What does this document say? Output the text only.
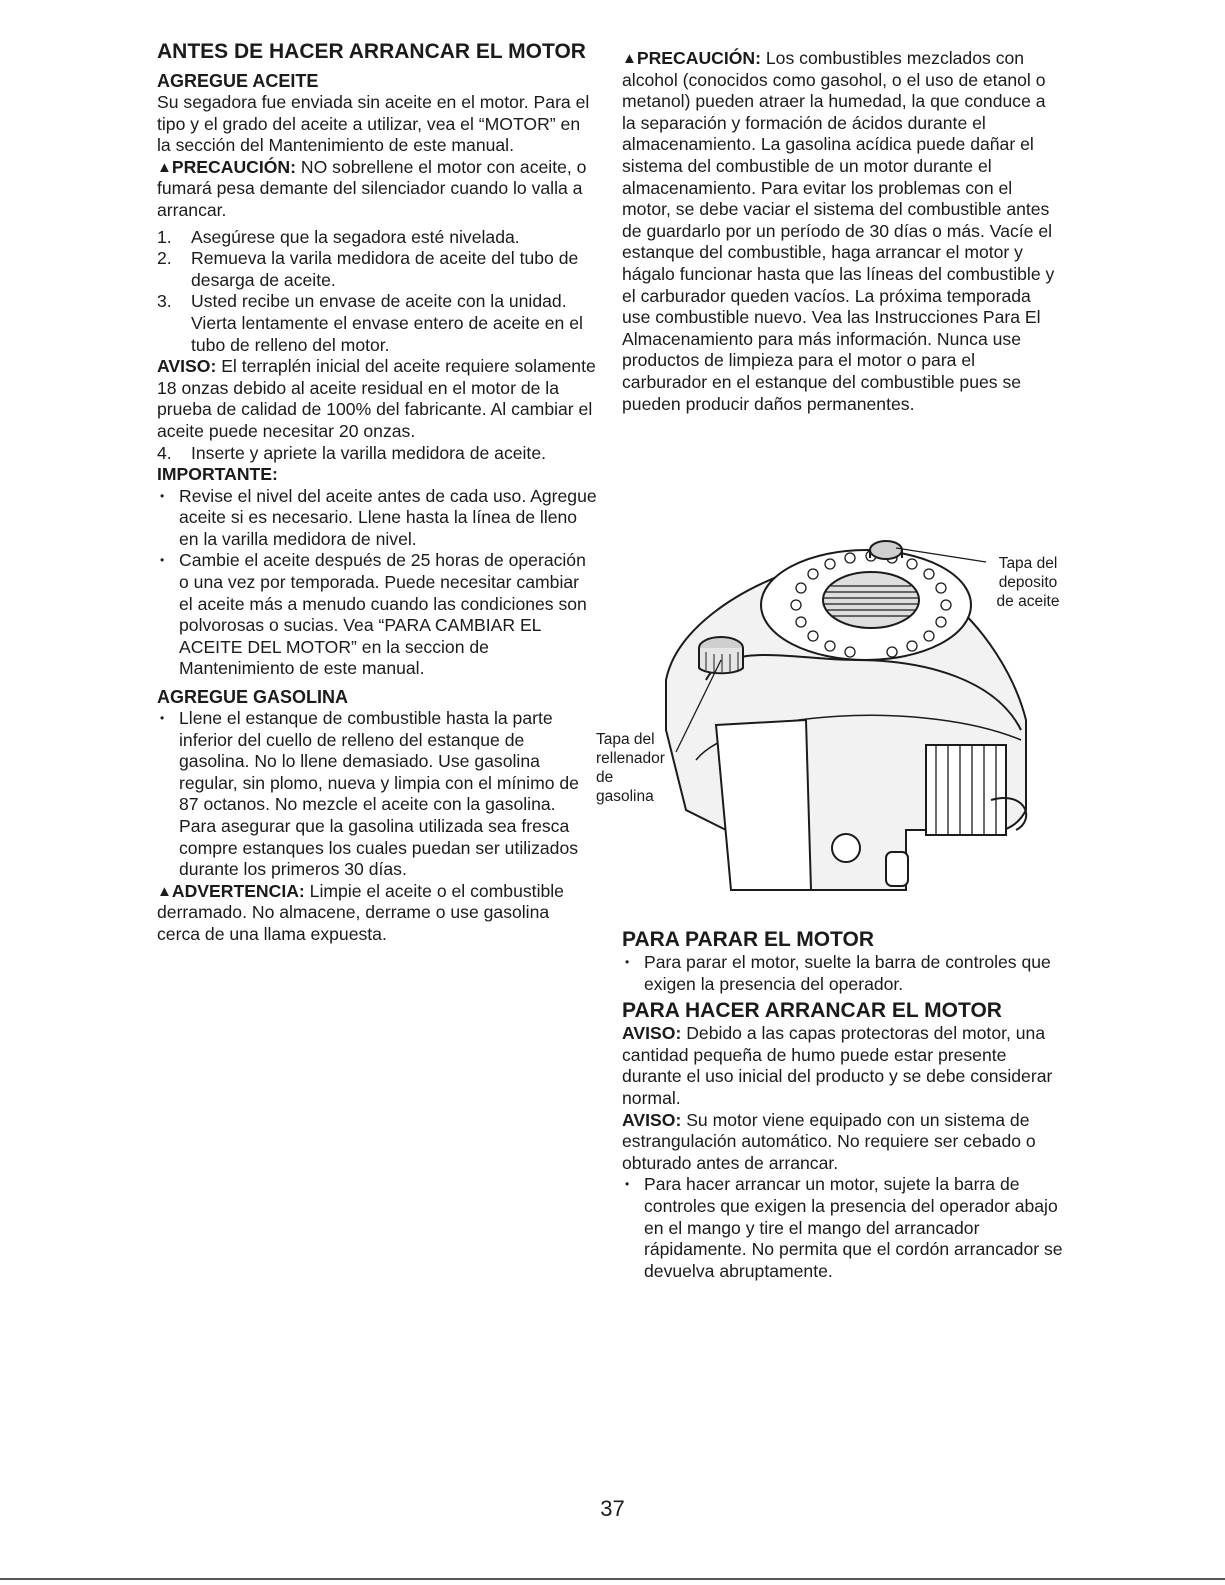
ANTES DE HACER ARRANCAR EL MOTOR

AGREGUE ACEITE

Su segadora fue enviada sin aceite en el motor. Para el tipo y el grado del aceite a utilizar, vea el “MOTOR” en la sección del Mantenimiento de este manual.

▲PRECAUCIÓN: NO sobrellene el motor con aceite, o fumará pesa demante del silenciador cuando lo valla a arrancar.

1. Asegúrese que la segadora esté nivelada.
2. Remueva la varila medidora de aceite del tubo de desarga de aceite.
3. Usted recibe un envase de aceite con la unidad. Vierta lentamente el envase entero de aceite en el tubo de relleno del motor.

AVISO: El terraplén inicial del aceite requiere solamente 18 onzas debido al aceite residual en el motor de la prueba de calidad de 100% del fabricante. Al cambiar el aceite puede necesitar 20 onzas.

4. Inserte y apriete la varilla medidora de aceite.

IMPORTANTE:

• Revise el nivel del aceite antes de cada uso. Agregue aceite si es necesario. Llene hasta la línea de lleno en la varilla medidora de nivel.
• Cambie el aceite después de 25 horas de operación o una vez por temporada. Puede necesitar cambiar el aceite más a menudo cuando las condiciones son polvorosas o sucias. Vea “PARA CAMBIAR EL ACEITE DEL MOTOR” en la seccion de Mantenimiento de este manual.

AGREGUE GASOLINA

• Llene el estanque de combustible hasta la parte inferior del cuello de relleno del estanque de gasolina. No lo llene demasiado. Use gasolina regular, sin plomo, nueva y limpia con el mínimo de 87 octanos. No mezcle el aceite con la gasolina. Para asegurar que la gasolina utilizada sea fresca compre estanques los cuales puedan ser utilizados durante los primeros 30 días.

▲ADVERTENCIA: Limpie el aceite o el combustible derramado. No almacene, derrame o use gasolina cerca de una llama expuesta.

▲PRECAUCIÓN: Los combustibles mezclados con alcohol (conocidos como gasohol, o el uso de etanol o metanol) pueden atraer la humedad, la que conduce a la separación y formación de ácidos durante el almacenamiento. La gasolina acídica puede dañar el sistema del combustible de un motor durante el almacenamiento. Para evitar los problemas con el motor, se debe vaciar el sistema del combustible antes de guardarlo por un período de 30 días o más. Vacíe el estanque del combustible, haga arrancar el motor y hágalo funcionar hasta que las líneas del combustible y el carburador queden vacíos. La próxima temporada use combustible nuevo. Vea las Instrucciones Para El Almacenamiento para más información. Nunca use productos de limpieza para el motor o para el carburador en el estanque del combustible pues se pueden producir daños permanentes.

Tapa del
deposito
de aceite
Tapa del
rellenador
de
gasolina

PARA PARAR EL MOTOR

• Para parar el motor, suelte la barra de controles que exigen la presencia del operador.

PARA HACER ARRANCAR EL MOTOR

AVISO: Debido a las capas protectoras del motor, una cantidad pequeña de humo puede estar presente durante el uso inicial del producto y se debe considerar normal.

AVISO: Su motor viene equipado con un sistema de estrangulación automático. No requiere ser cebado o obturado antes de arrancar.

• Para hacer arrancar un motor, sujete la barra de controles que exigen la presencia del operador abajo en el mango y tire el mango del arrancador rápidamente. No permita que el cordón arrancador se devuelva abruptamente.
37
